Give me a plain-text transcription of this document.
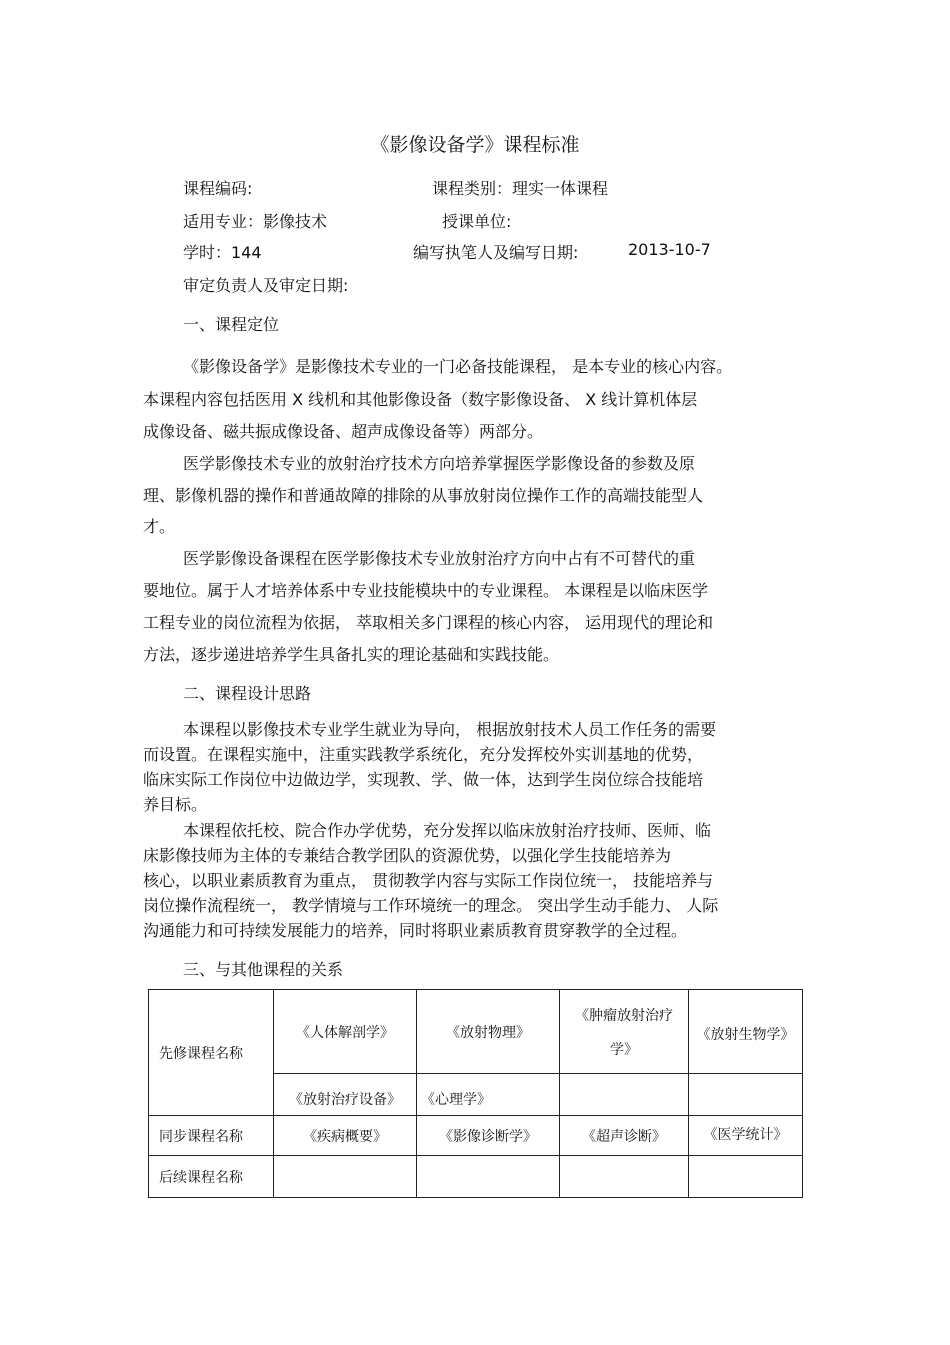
《影像设备学》课程标准
课程编码:	课程类别：理实一体课程
适用专业：影像技术	授课单位:
学时：144	编写执笔人及编写日期:	2013-10-7
审定负责人及审定日期:
一、课程定位
《影像设备学》是影像技术专业的一门必备技能课程， 是本专业的核心内容。
本课程内容包括医用 X 线机和其他影像设备（数字影像设备、 X 线计算机体层
成像设备、磁共振成像设备、超声成像设备等）两部分。
医学影像技术专业的放射治疗技术方向培养掌握医学影像设备的参数及原
理、影像机器的操作和普通故障的排除的从事放射岗位操作工作的高端技能型人
才。
医学影像设备课程在医学影像技术专业放射治疗方向中占有不可替代的重
要地位。属于人才培养体系中专业技能模块中的专业课程。 本课程是以临床医学
工程专业的岗位流程为依据， 萃取相关多门课程的核心内容， 运用现代的理论和
方法，逐步递进培养学生具备扎实的理论基础和实践技能。
二、课程设计思路
本课程以影像技术专业学生就业为导向， 根据放射技术人员工作任务的需要
而设置。在课程实施中，注重实践教学系统化，充分发挥校外实训基地的优势，
临床实际工作岗位中边做边学，实现教、学、做一体，达到学生岗位综合技能培
养目标。
本课程依托校、院合作办学优势，充分发挥以临床放射治疗技师、医师、临
床影像技师为主体的专兼结合教学团队的资源优势，以强化学生技能培养为
核心，以职业素质教育为重点， 贯彻教学内容与实际工作岗位统一， 技能培养与
岗位操作流程统一， 教学情境与工作环境统一的理念。 突出学生动手能力、 人际
沟通能力和可持续发展能力的培养，同时将职业素质教育贯穿教学的全过程。
三、与其他课程的关系
先修课程名称	《人体解剖学》	《放射物理》	《肿瘤放射治疗
学》	《放射生物学》
	《放射治疗设备》	《心理学》		
同步课程名称	《疾病概要》	《影像诊断学》	《超声诊断》	《医学统计》
后续课程名称				
